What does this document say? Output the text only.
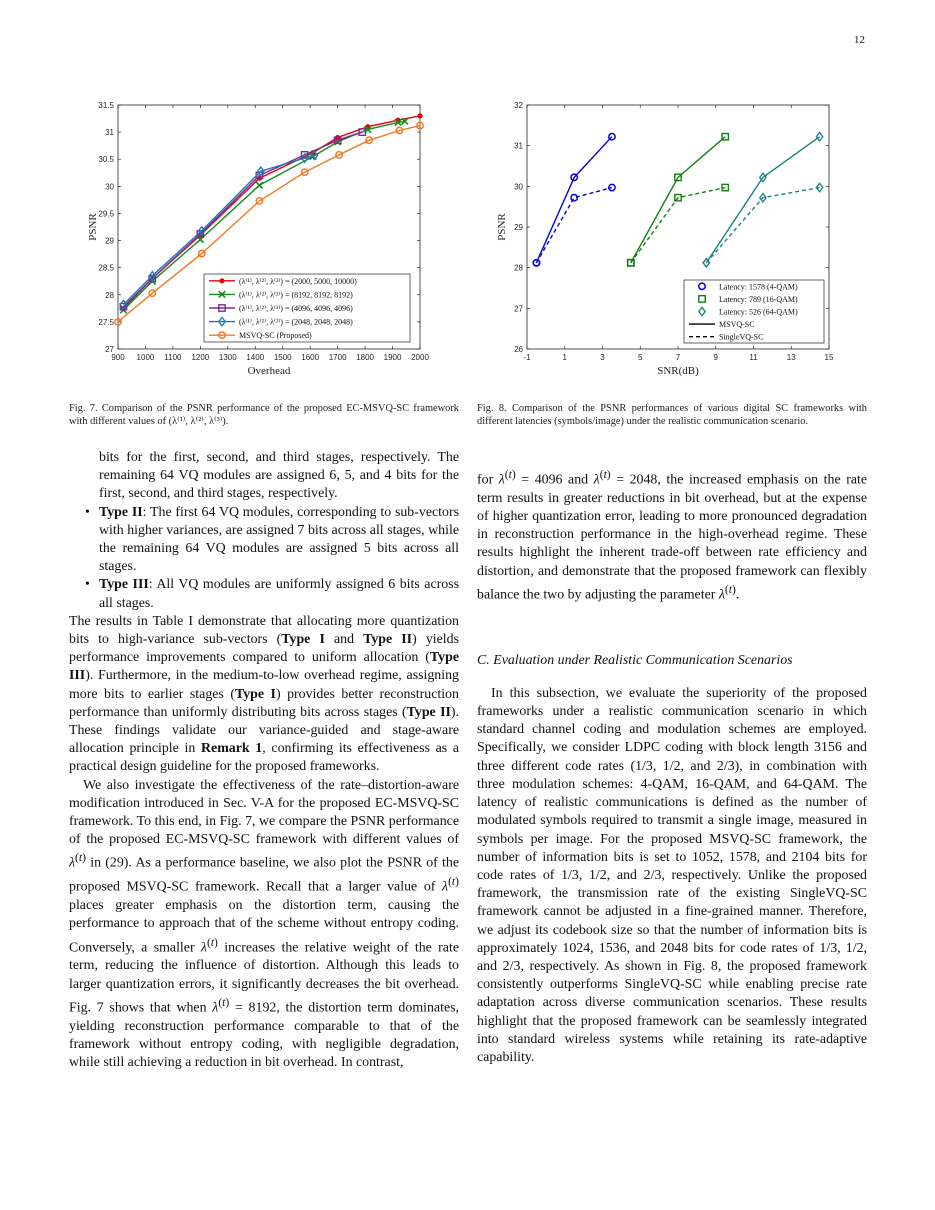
12
900 1000 1100 1200 1300 1400 1500 1600 1700 1800 1900 2000
27
27.5
28
28.5
29
29.5
30
30.5
31
31.5
Overhead
PSNR
(λ⁽¹⁾, λ⁽²⁾, λ⁽³⁾) = (2000, 5000, 10000)
(λ⁽¹⁾, λ⁽²⁾, λ⁽³⁾) = (8192, 8192, 8192)
(λ⁽¹⁾, λ⁽²⁾, λ⁽³⁾) = (4096, 4096, 4096)
(λ⁽¹⁾, λ⁽²⁾, λ⁽³⁾) = (2048, 2048, 2048)
MSVQ-SC (Proposed)
Fig. 7. Comparison of the PSNR performance of the proposed EC-MSVQ-SC framework with different values of (λ⁽¹⁾, λ⁽²⁾, λ⁽³⁾).
-1	1	3	5	7	9	11	13	15
26
27
28
29
30
31
32
SNR(dB)
PSNR
Latency: 1578 (4-QAM)
Latency: 789 (16-QAM)
Latency: 526 (64-QAM)
MSVQ-SC
SingleVQ-SC
Fig. 8. Comparison of the PSNR performances of various digital SC frameworks with different latencies (symbols/image) under the realistic communication scenario.

bits for the first, second, and third stages, respectively. The remaining 64 VQ modules are assigned 6, 5, and 4 bits for the first, second, and third stages, respectively.

• Type II: The first 64 VQ modules, corresponding to sub-vectors with higher variances, are assigned 7 bits across all stages, while the remaining 64 VQ modules are assigned 5 bits across all stages.
• Type III: All VQ modules are uniformly assigned 6 bits across all stages.

The results in Table I demonstrate that allocating more quantization bits to high-variance sub-vectors (Type I and Type II) yields performance improvements compared to uniform allocation (Type III). Furthermore, in the medium-to-low overhead regime, assigning more bits to earlier stages (Type I) provides better reconstruction performance than uniformly distributing bits across stages (Type II). These findings validate our variance-guided and stage-aware allocation principle in Remark 1, confirming its effectiveness as a practical design guideline for the proposed frameworks.

We also investigate the effectiveness of the rate–distortion-aware modification introduced in Sec. V-A for the proposed EC-MSVQ-SC framework. To this end, in Fig. 7, we compare the PSNR performance of the proposed EC-MSVQ-SC framework with different values of $\lambda^{(t)}$ in (29). As a performance baseline, we also plot the PSNR of the proposed MSVQ-SC framework. Recall that a larger value of $\lambda^{(t)}$ places greater emphasis on the distortion term, causing the performance to approach that of the scheme without entropy coding. Conversely, a smaller $\lambda^{(t)}$ increases the relative weight of the rate term, reducing the influence of distortion. Although this leads to larger quantization errors, it significantly decreases the bit overhead. Fig. 7 shows that when $\lambda^{(t)} = 8192$, the distortion term dominates, yielding reconstruction performance comparable to that of the framework without entropy coding, with negligible degradation, while still achieving a reduction in bit overhead. In contrast,

for $\lambda^{(t)} = 4096$ and $\lambda^{(t)} = 2048$, the increased emphasis on the rate term results in greater reductions in bit overhead, but at the expense of higher quantization error, leading to more pronounced degradation in reconstruction performance in the high-overhead regime. These results highlight the inherent trade-off between rate efficiency and distortion, and demonstrate that the proposed framework can flexibly balance the two by adjusting the parameter $\lambda^{(t)}$.

C. Evaluation under Realistic Communication Scenarios

In this subsection, we evaluate the superiority of the proposed frameworks under a realistic communication scenario in which standard channel coding and modulation schemes are employed. Specifically, we consider LDPC coding with block length 3156 and three different code rates (1/3, 1/2, and 2/3), in combination with three modulation schemes: 4-QAM, 16-QAM, and 64-QAM. The latency of realistic communications is defined as the number of modulated symbols required to transmit a single image, measured in symbols per image. For the proposed MSVQ-SC framework, the number of information bits is set to 1052, 1578, and 2104 bits for code rates of 1/3, 1/2, and 2/3, respectively. Unlike the proposed framework, the transmission rate of the existing SingleVQ-SC framework cannot be adjusted in a fine-grained manner. Therefore, we adjust its codebook size so that the number of information bits is approximately 1024, 1536, and 2048 bits for code rates of 1/3, 1/2, and 2/3, respectively. As shown in Fig. 8, the proposed framework consistently outperforms SingleVQ-SC while enabling precise rate adaptation across diverse communication scenarios. These results highlight that the proposed framework can be seamlessly integrated into standard wireless systems while retaining its rate-adaptive capability.
